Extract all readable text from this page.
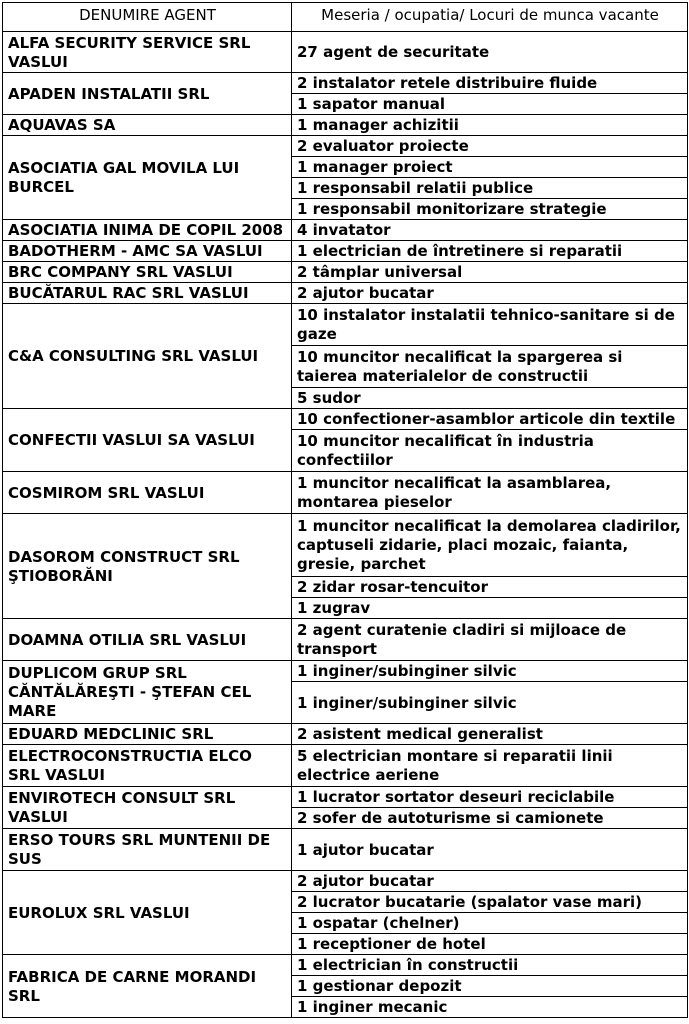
DENUMIRE AGENT	Meseria / ocupatia/ Locuri de munca vacante
ALFA SECURITY SERVICE SRL VASLUI	27 agent de securitate
APADEN INSTALATII SRL	2 instalator retele distribuire fluide
	1 sapator manual
AQUAVAS SA	1 manager achizitii
ASOCIATIA GAL MOVILA LUI BURCEL	2 evaluator proiecte
	1 manager proiect
	1 responsabil relatii publice
	1 responsabil monitorizare strategie
ASOCIATIA INIMA DE COPIL 2008	4 invatator
BADOTHERM - AMC SA VASLUI	1 electrician de întretinere si reparatii
BRC COMPANY SRL VASLUI	2 tâmplar universal
BUCĂTARUL RAC SRL VASLUI	2 ajutor bucatar
C&A CONSULTING SRL VASLUI	10 instalator instalatii tehnico-sanitare si de gaze
	10 muncitor necalificat la spargerea si taierea materialelor de constructii
	5 sudor
CONFECTII VASLUI SA VASLUI	10 confectioner-asamblor articole din textile
	10 muncitor necalificat în industria confectiilor
COSMIROM SRL VASLUI	1 muncitor necalificat la asamblarea, montarea pieselor
DASOROM CONSTRUCT SRL ŞTIOBORĂNI	1 muncitor necalificat la demolarea cladirilor, captuseli zidarie, placi mozaic, faianta, gresie, parchet
	2 zidar rosar-tencuitor
	1 zugrav
DOAMNA OTILIA SRL VASLUI	2 agent curatenie cladiri si mijloace de transport
DUPLICOM GRUP SRL CĂNTĂLĂREŞTI - ŞTEFAN CEL MARE	1 inginer/subinginer silvic
	1 inginer/subinginer silvic
EDUARD MEDCLINIC SRL	2 asistent medical generalist
ELECTROCONSTRUCTIA ELCO SRL VASLUI	5 electrician montare si reparatii linii electrice aeriene
ENVIROTECH CONSULT SRL VASLUI	1 lucrator sortator deseuri reciclabile
	2 sofer de autoturisme si camionete
ERSO TOURS SRL MUNTENII DE SUS	1 ajutor bucatar
EUROLUX SRL VASLUI	2 ajutor bucatar
	2 lucrator bucatarie (spalator vase mari)
	1 ospatar (chelner)
	1 receptioner de hotel
FABRICA DE CARNE MORANDI SRL	1 electrician în constructii
	1 gestionar depozit
	1 inginer mecanic
